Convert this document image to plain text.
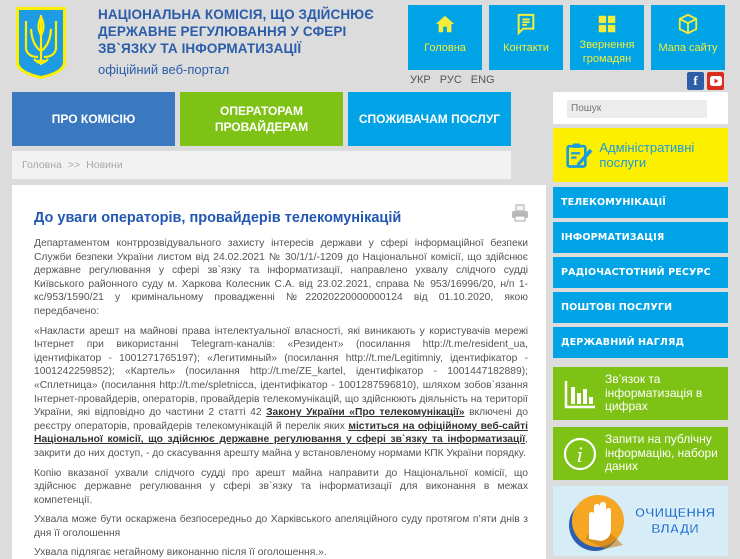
НАЦІОНАЛЬНА КОМІСІЯ, ЩО ЗДІЙСНЮЄ
ДЕРЖАВНЕ РЕГУЛЮВАННЯ У СФЕРІ
ЗВ`ЯЗКУ ТА ІНФОРМАТИЗАЦІЇ
офіційний веб-портал
Головна	Контакти	Звернення громадян
Мапа сайту
УКР РУС ENG	f
ПРО КОМІСІЮ
ОПЕРАТОРАМ
ПРОВАЙДЕРАМ
СПОЖИВАЧАМ ПОСЛУГ
Головна >> Новини
До уваги операторів, провайдерів телекомунікацій

Департаментом контррозвідувального захисту інтересів держави у сфері інформаційної безпеки Служби безпеки України листом від 24.02.2021 № 30/1/1/-1209 до Національної комісії, що здійснює державне регулювання у сфері зв`язку та інформатизації, направлено ухвалу слідчого судді Київського районного суду м. Харкова Колесник С.А. від 23.02.2021, справа № 953/16996/20, н/п 1-кс/953/1590/21 у кримінальному провадженні №22020220000000124 від 01.10.2020, якою передбачено:

«Накласти арешт на майнові права інтелектуальної власності, які виникають у користувачів мережі Інтернет при використанні Telegram-каналів: «Резидент» (посилання http://t.me/resident_ua, ідентифікатор - 1001271765197); «Легитимный» (посилання http://t.me/Legitimniy, ідентифікатор - 1001242259852); «Картель» (посилання http://t.me/ZE_kartel, ідентифікатор - 1001447182889); «Сплетница» (посилання http://t.me/spletnicca, ідентифікатор - 1001287596810), шляхом зобов`язання Інтернет-провайдерів, операторів, провайдерів телекомунікацій, що здійснюють діяльність на території України, які відповідно до частини 2 статті 42 Закону України «Про телекомунікації» включені до реєстру операторів, провайдерів телекомунікацій й перелік яких міститься на офіційному веб-сайті Національної комісії, що здійснює державне регулювання у сфері зв`язку та інформатизації, закрити до них доступ, - до скасування арешту майна у встановленому нормами КПК України порядку.

Копію вказаної ухвали слідчого судді про арешт майна направити до Національної комісії, що здійснює державне регулювання у сфері зв`язку та інформатизації для виконання в межах компетенції.

Ухвала може бути оскаржена безпосередньо до Харківського апеляційного суду протягом п’яти днів з дня її оголошення

Ухвала підлягає негайному виконанню після її оголошення.».

Пошук
Адміністративні послуги
ТЕЛЕКОМУНІКАЦІЇ
ІНФОРМАТИЗАЦІЯ
РАДІОЧАСТОТНИЙ РЕСУРС
ПОШТОВІ ПОСЛУГИ
ДЕРЖАВНИЙ НАГЛЯД
Зв’язок та інформатизація в цифрах
i
Запити на публічну інформацію, набори даних
ОЧИЩЕННЯ
ВЛАДИ
